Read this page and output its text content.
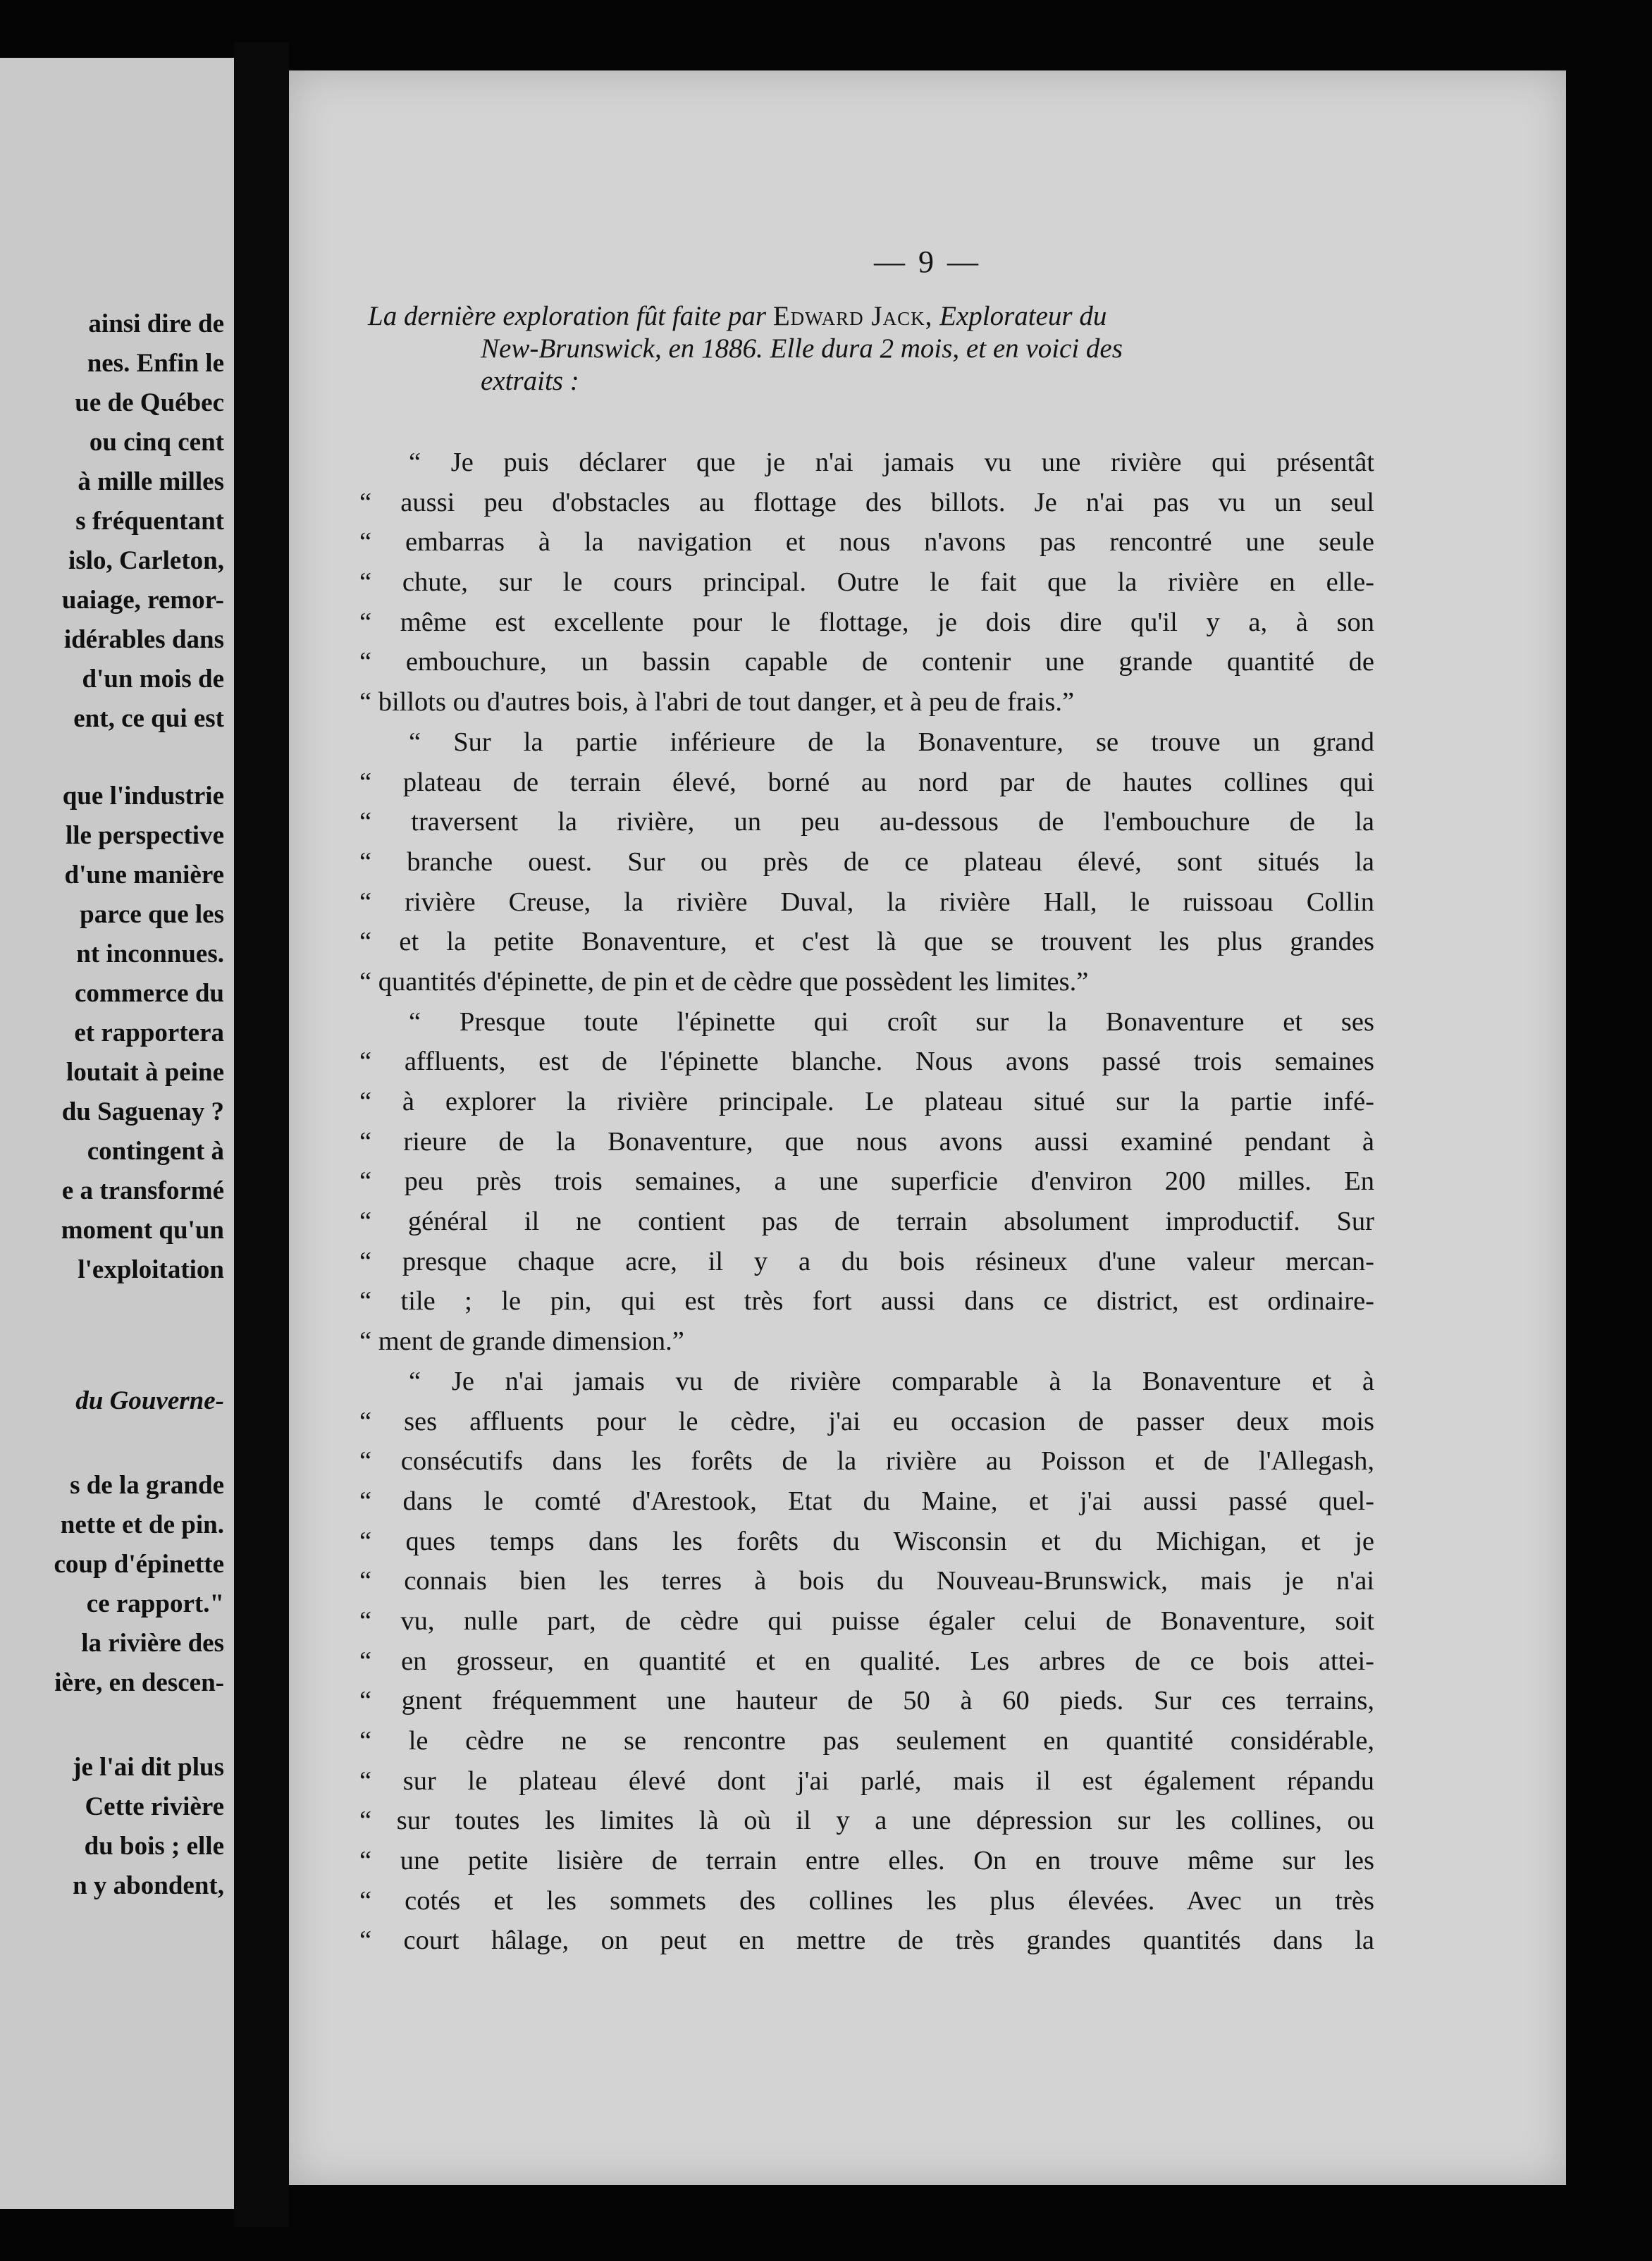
ainsi dire de
nes. Enfin le
ue de Québec
ou cinq cent
à mille milles
s fréquentant
islo, Carleton,
uaiage, remor-
idérables dans
d'un mois de
ent, ce qui est
que l'industrie
lle perspective
d'une manière
parce que les
nt inconnues.
commerce du
et rapportera
loutait à peine
du Saguenay ?
contingent à
e a transformé
moment qu'un
l'exploitation
du Gouverne-
s de la grande
nette et de pin.
coup d'épinette
ce rapport."
la rivière des
ière, en descen-
je l'ai dit plus
Cette rivière
du bois ; elle
n y abondent,
— 9 —
La dernière exploration fût faite par Edward Jack, Explorateur du
New-Brunswick, en 1886. Elle dura 2 mois, et en voici des
extraits :
“ Je puis déclarer que je n'ai jamais vu une rivière qui présentât
“ aussi peu d'obstacles au flottage des billots. Je n'ai pas vu un seul
“ embarras à la navigation et nous n'avons pas rencontré une seule
“ chute, sur le cours principal. Outre le fait que la rivière en elle-
“ même est excellente pour le flottage, je dois dire qu'il y a, à son
“ embouchure, un bassin capable de contenir une grande quantité de
“ billots ou d'autres bois, à l'abri de tout danger, et à peu de frais.”
“ Sur la partie inférieure de la Bonaventure, se trouve un grand
“ plateau de terrain élevé, borné au nord par de hautes collines qui
“ traversent la rivière, un peu au-dessous de l'embouchure de la
“ branche ouest. Sur ou près de ce plateau élevé, sont situés la
“ rivière Creuse, la rivière Duval, la rivière Hall, le ruissoau Collin
“ et la petite Bonaventure, et c'est là que se trouvent les plus grandes
“ quantités d'épinette, de pin et de cèdre que possèdent les limites.”
“ Presque toute l'épinette qui croît sur la Bonaventure et ses
“ affluents, est de l'épinette blanche. Nous avons passé trois semaines
“ à explorer la rivière principale. Le plateau situé sur la partie infé-
“ rieure de la Bonaventure, que nous avons aussi examiné pendant à
“ peu près trois semaines, a une superficie d'environ 200 milles. En
“ général il ne contient pas de terrain absolument improductif. Sur
“ presque chaque acre, il y a du bois résineux d'une valeur mercan-
“ tile ; le pin, qui est très fort aussi dans ce district, est ordinaire-
“ ment de grande dimension.”
“ Je n'ai jamais vu de rivière comparable à la Bonaventure et à
“ ses affluents pour le cèdre, j'ai eu occasion de passer deux mois
“ consécutifs dans les forêts de la rivière au Poisson et de l'Allegash,
“ dans le comté d'Arestook, Etat du Maine, et j'ai aussi passé quel-
“ ques temps dans les forêts du Wisconsin et du Michigan, et je
“ connais bien les terres à bois du Nouveau-Brunswick, mais je n'ai
“ vu, nulle part, de cèdre qui puisse égaler celui de Bonaventure, soit
“ en grosseur, en quantité et en qualité. Les arbres de ce bois attei-
“ gnent fréquemment une hauteur de 50 à 60 pieds. Sur ces terrains,
“ le cèdre ne se rencontre pas seulement en quantité considérable,
“ sur le plateau élevé dont j'ai parlé, mais il est également répandu
“ sur toutes les limites là où il y a une dépression sur les collines, ou
“ une petite lisière de terrain entre elles. On en trouve même sur les
“ cotés et les sommets des collines les plus élevées. Avec un très
“ court hâlage, on peut en mettre de très grandes quantités dans la
